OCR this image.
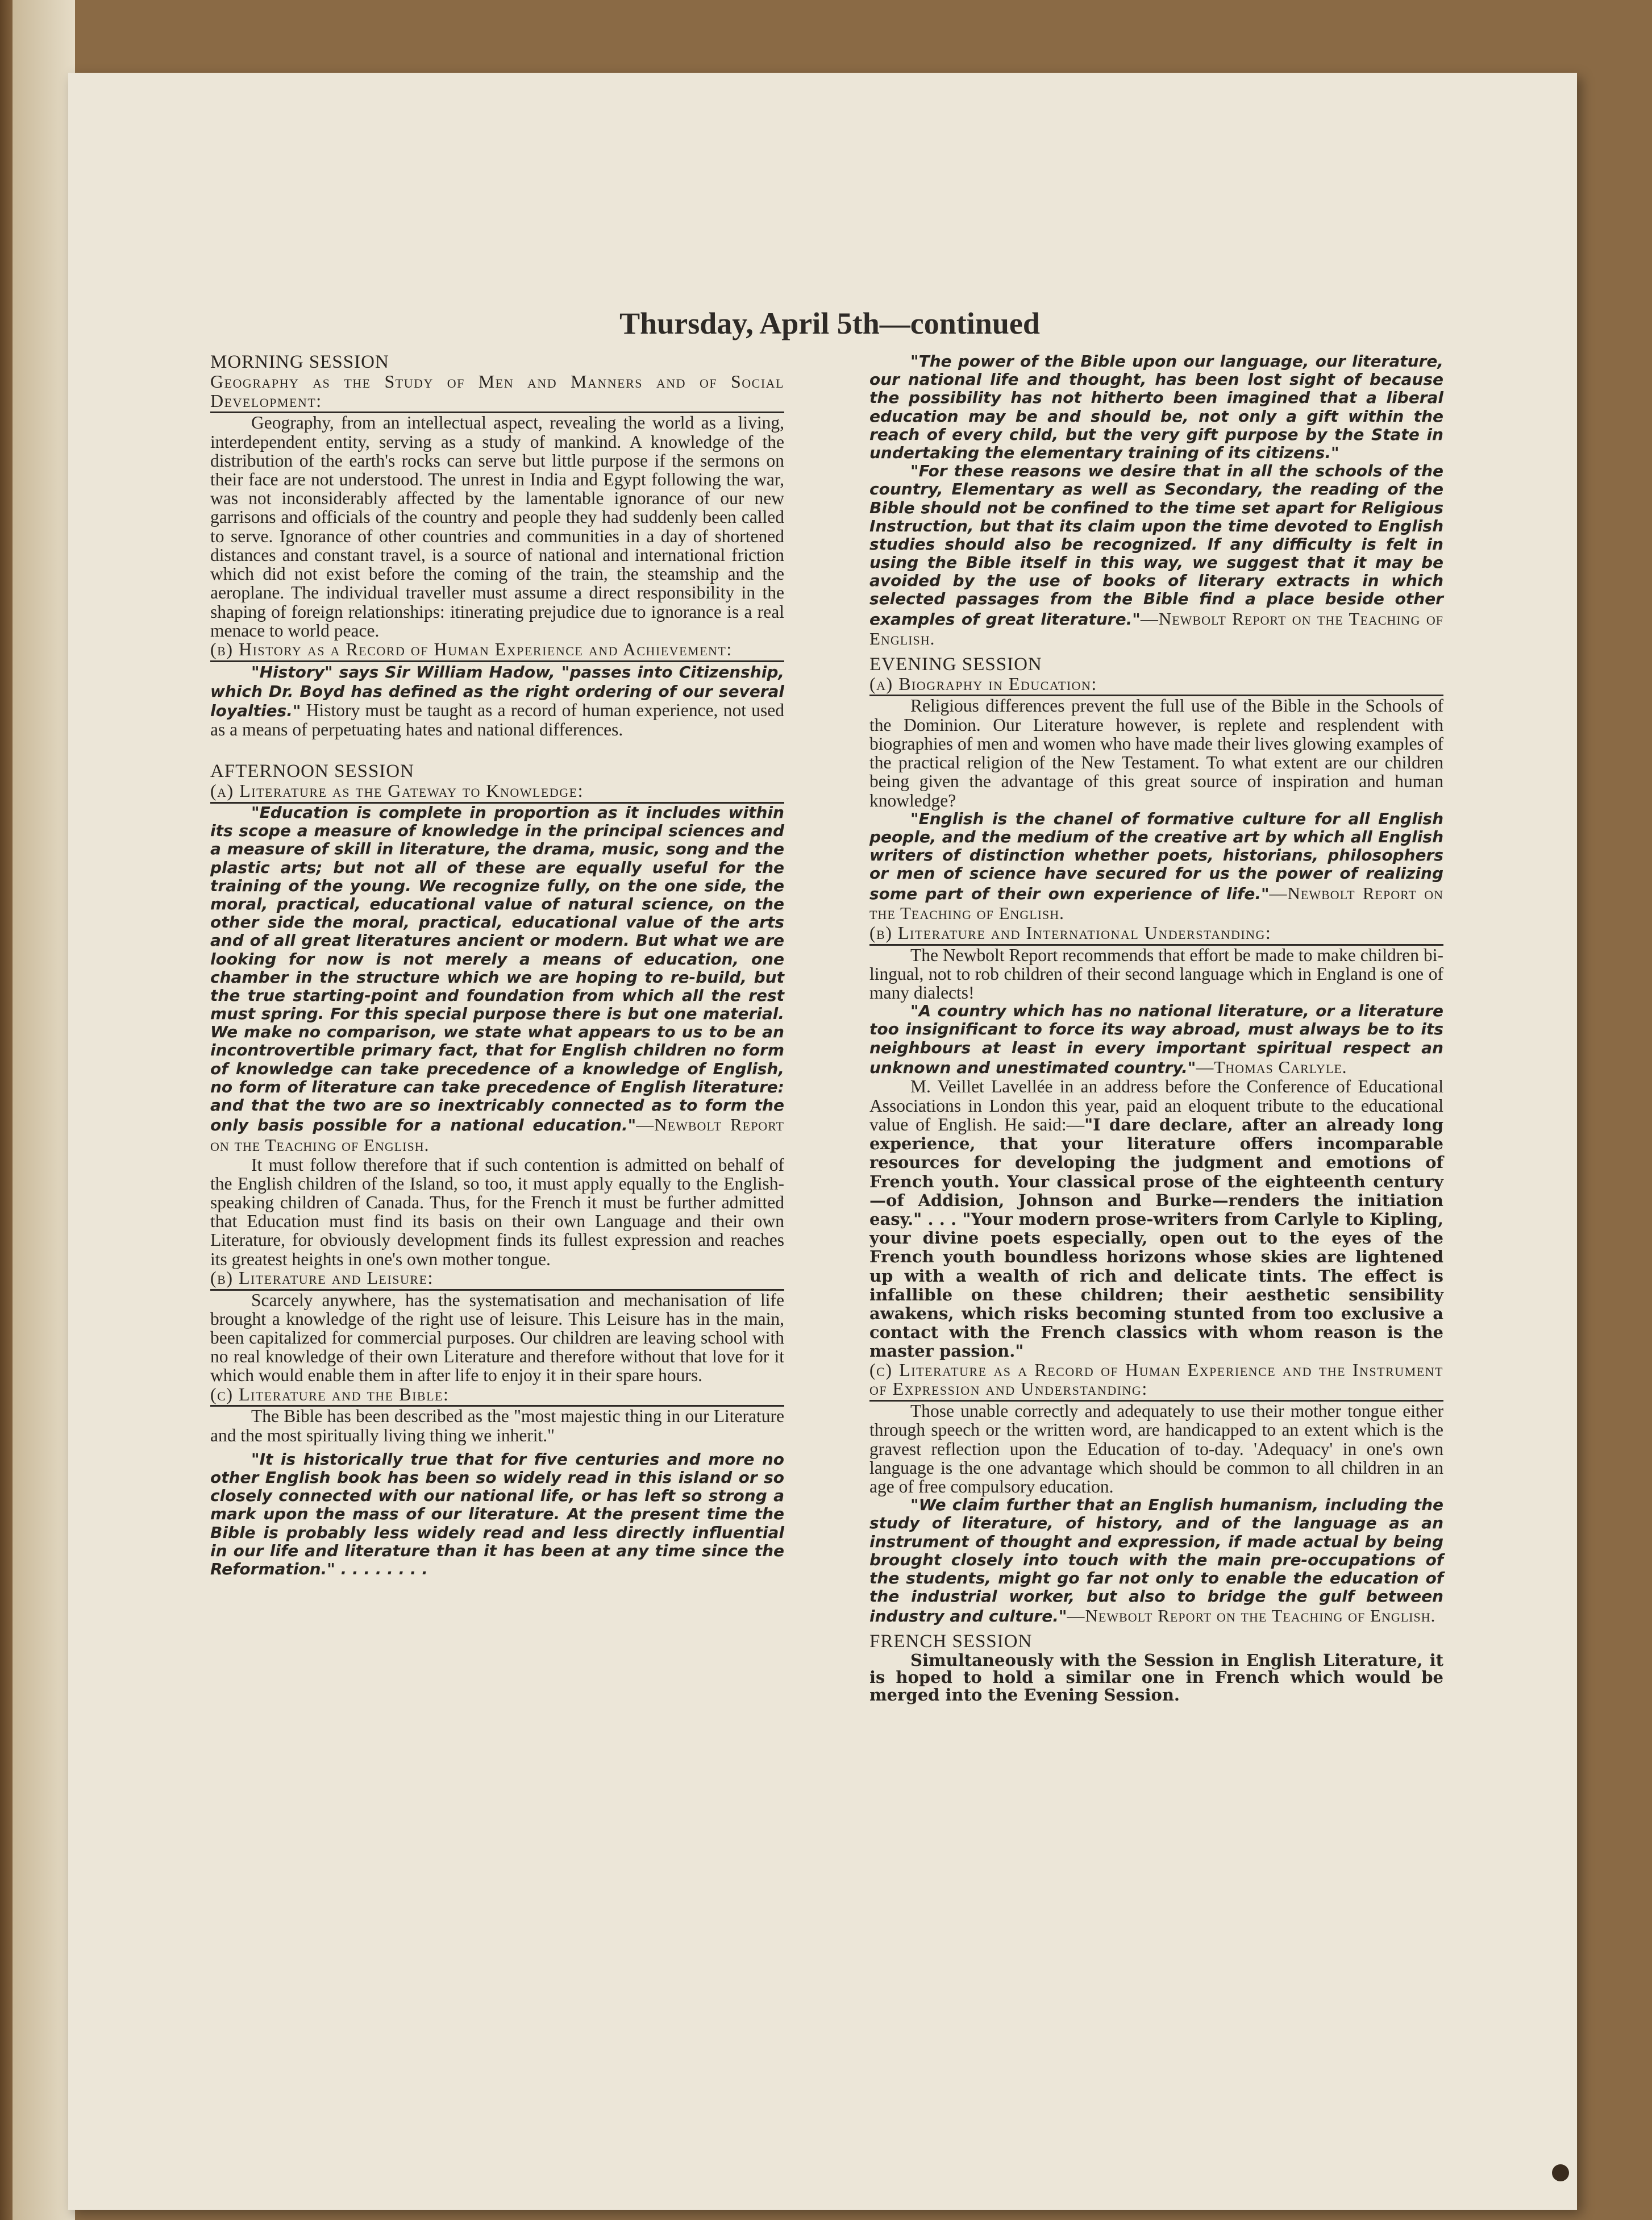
Thursday, April 5th—continued

MORNING SESSION

Geography as the Study of Men and Manners and of Social Development:

Geography, from an intellectual aspect, revealing the world as a living, interdependent entity, serving as a study of mankind. A knowledge of the distribution of the earth's rocks can serve but little purpose if the sermons on their face are not understood. The unrest in India and Egypt following the war, was not inconsiderably affected by the lamentable ignorance of our new garrisons and officials of the country and people they had suddenly been called to serve. Ignorance of other countries and communities in a day of shortened distances and constant travel, is a source of national and international friction which did not exist before the coming of the train, the steamship and the aeroplane. The individual traveller must assume a direct responsibility in the shaping of foreign relationships: itinerating prejudice due to ignorance is a real menace to world peace.

(b) History as a Record of Human Experience and Achievement:

"History" says Sir William Hadow, "passes into Citizenship, which Dr. Boyd has defined as the right ordering of our several loyalties." History must be taught as a record of human experience, not used as a means of perpetuating hates and national differences.

AFTERNOON SESSION

(a) Literature as the Gateway to Knowledge:

"Education is complete in proportion as it includes within its scope a measure of knowledge in the principal sciences and a measure of skill in literature, the drama, music, song and the plastic arts; but not all of these are equally useful for the training of the young. We recognize fully, on the one side, the moral, practical, educational value of natural science, on the other side the moral, practical, educational value of the arts and of all great literatures ancient or modern. But what we are looking for now is not merely a means of education, one chamber in the structure which we are hoping to re-build, but the true starting-point and foundation from which all the rest must spring. For this special purpose there is but one material. We make no comparison, we state what appears to us to be an incontrovertible primary fact, that for English children no form of knowledge can take precedence of a knowledge of English, no form of literature can take precedence of English literature: and that the two are so inextricably connected as to form the only basis possible for a national education."—Newbolt Report on the Teaching of English.

It must follow therefore that if such contention is admitted on behalf of the English children of the Island, so too, it must apply equally to the English-speaking children of Canada. Thus, for the French it must be further admitted that Education must find its basis on their own Language and their own Literature, for obviously development finds its fullest expression and reaches its greatest heights in one's own mother tongue.

(b) Literature and Leisure:

Scarcely anywhere, has the systematisation and mechanisation of life brought a knowledge of the right use of leisure. This Leisure has in the main, been capitalized for commercial purposes. Our children are leaving school with no real knowledge of their own Literature and therefore without that love for it which would enable them in after life to enjoy it in their spare hours.

(c) Literature and the Bible:

The Bible has been described as the "most majestic thing in our Literature and the most spiritually living thing we inherit."

"It is historically true that for five centuries and more no other English book has been so widely read in this island or so closely connected with our national life, or has left so strong a mark upon the mass of our literature. At the present time the Bible is probably less widely read and less directly influential in our life and literature than it has been at any time since the Reformation." . . . . . . . .

"The power of the Bible upon our language, our literature, our national life and thought, has been lost sight of because the possibility has not hitherto been imagined that a liberal education may be and should be, not only a gift within the reach of every child, but the very gift purpose by the State in undertaking the elementary training of its citizens."

"For these reasons we desire that in all the schools of the country, Elementary as well as Secondary, the reading of the Bible should not be confined to the time set apart for Religious Instruction, but that its claim upon the time devoted to English studies should also be recognized. If any difficulty is felt in using the Bible itself in this way, we suggest that it may be avoided by the use of books of literary extracts in which selected passages from the Bible find a place beside other examples of great literature."—Newbolt Report on the Teaching of English.

EVENING SESSION

(a) Biography in Education:

Religious differences prevent the full use of the Bible in the Schools of the Dominion. Our Literature however, is replete and resplendent with biographies of men and women who have made their lives glowing examples of the practical religion of the New Testament. To what extent are our children being given the advantage of this great source of inspiration and human knowledge?

"English is the chanel of formative culture for all English people, and the medium of the creative art by which all English writers of distinction whether poets, historians, philosophers or men of science have secured for us the power of realizing some part of their own experience of life."—Newbolt Report on the Teaching of English.

(b) Literature and International Understanding:

The Newbolt Report recommends that effort be made to make children bi-lingual, not to rob children of their second language which in England is one of many dialects!

"A country which has no national literature, or a literature too insignificant to force its way abroad, must always be to its neighbours at least in every important spiritual respect an unknown and unestimated country."—Thomas Carlyle.

M. Veillet Lavellée in an address before the Conference of Educational Associations in London this year, paid an eloquent tribute to the educational value of English. He said:—"I dare declare, after an already long experience, that your literature offers incomparable resources for developing the judgment and emotions of French youth. Your classical prose of the eighteenth century —of Addision, Johnson and Burke—renders the initiation easy." . . . "Your modern prose-writers from Carlyle to Kipling, your divine poets especially, open out to the eyes of the French youth boundless horizons whose skies are lightened up with a wealth of rich and delicate tints. The effect is infallible on these children; their aesthetic sensibility awakens, which risks becoming stunted from too exclusive a contact with the French classics with whom reason is the master passion."

(c) Literature as a Record of Human Experience and the Instrument of Expression and Understanding:

Those unable correctly and adequately to use their mother tongue either through speech or the written word, are handicapped to an extent which is the gravest reflection upon the Education of to-day. 'Adequacy' in one's own language is the one advantage which should be common to all children in an age of free compulsory education.

"We claim further that an English humanism, including the study of literature, of history, and of the language as an instrument of thought and expression, if made actual by being brought closely into touch with the main pre-occupations of the students, might go far not only to enable the education of the industrial worker, but also to bridge the gulf between industry and culture."—Newbolt Report on the Teaching of English.

FRENCH SESSION

Simultaneously with the Session in English Literature, it is hoped to hold a similar one in French which would be merged into the Evening Session.
